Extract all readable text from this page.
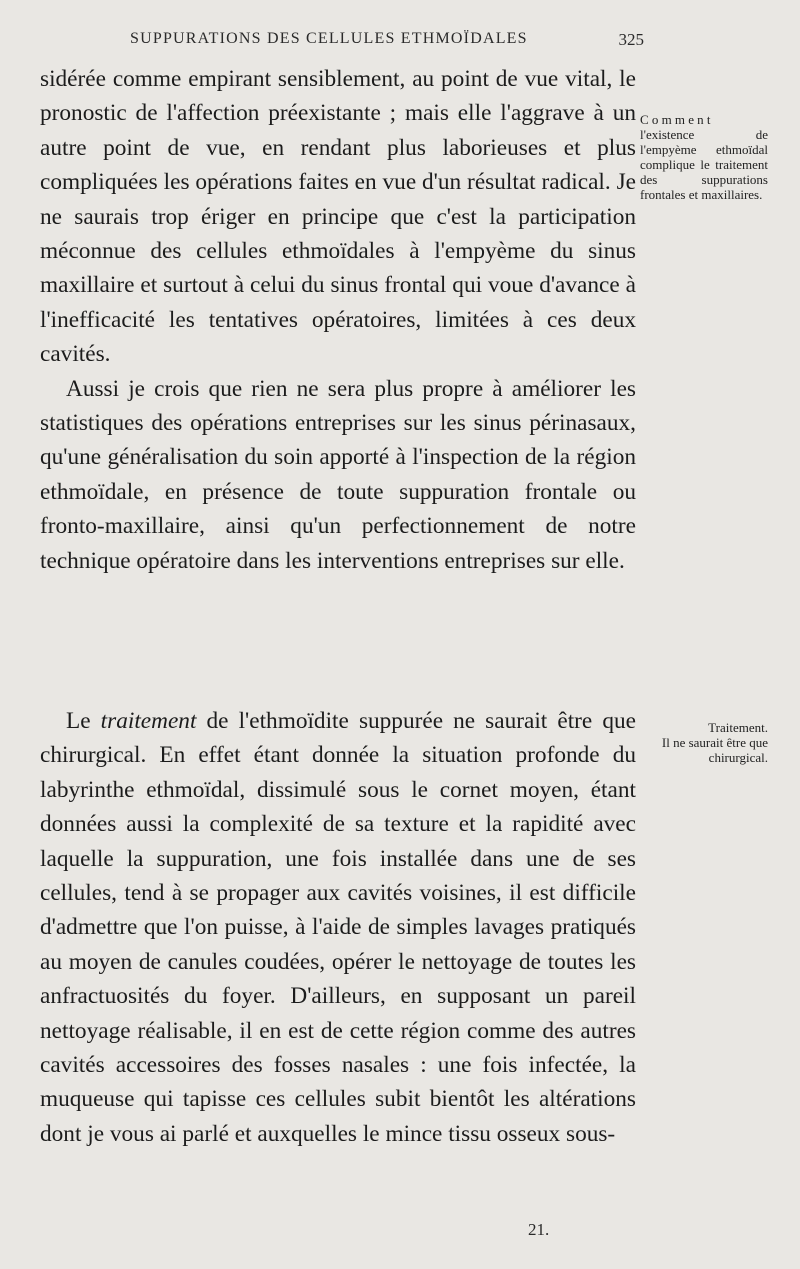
SUPPURATIONS DES CELLULES ETHMOÏDALES	325

sidérée comme empirant sensiblement, au point de vue vital, le pronostic de l'affection préexistante ; mais elle l'aggrave à un autre point de vue, en rendant plus laborieuses et plus compliquées les opérations faites en vue d'un résultat radical. Je ne saurais trop ériger en principe que c'est la participation méconnue des cellules ethmoïdales à l'empyème du sinus maxillaire et surtout à celui du sinus frontal qui voue d'avance à l'inefficacité les tentatives opératoires, limitées à ces deux cavités.

Aussi je crois que rien ne sera plus propre à améliorer les statistiques des opérations entreprises sur les sinus périnasaux, qu'une généralisation du soin apporté à l'inspection de la région ethmoïdale, en présence de toute suppuration frontale ou fronto-maxillaire, ainsi qu'un perfectionnement de notre technique opératoire dans les interventions entreprises sur elle.

Comment l'existence de l'empyème ethmoïdal complique le traitement des suppurations frontales et maxillaires.

Le traitement de l'ethmoïdite suppurée ne saurait être que chirurgical. En effet étant donnée la situation profonde du labyrinthe ethmoïdal, dissimulé sous le cornet moyen, étant données aussi la complexité de sa texture et la rapidité avec laquelle la suppuration, une fois installée dans une de ses cellules, tend à se propager aux cavités voisines, il est difficile d'admettre que l'on puisse, à l'aide de simples lavages pratiqués au moyen de canules coudées, opérer le nettoyage de toutes les anfractuosités du foyer. D'ailleurs, en supposant un pareil nettoyage réalisable, il en est de cette région comme des autres cavités accessoires des fosses nasales : une fois infectée, la muqueuse qui tapisse ces cellules subit bientôt les altérations dont je vous ai parlé et auxquelles le mince tissu osseux sous-

Traitement.
Il ne saurait être que chirurgical.
21.
